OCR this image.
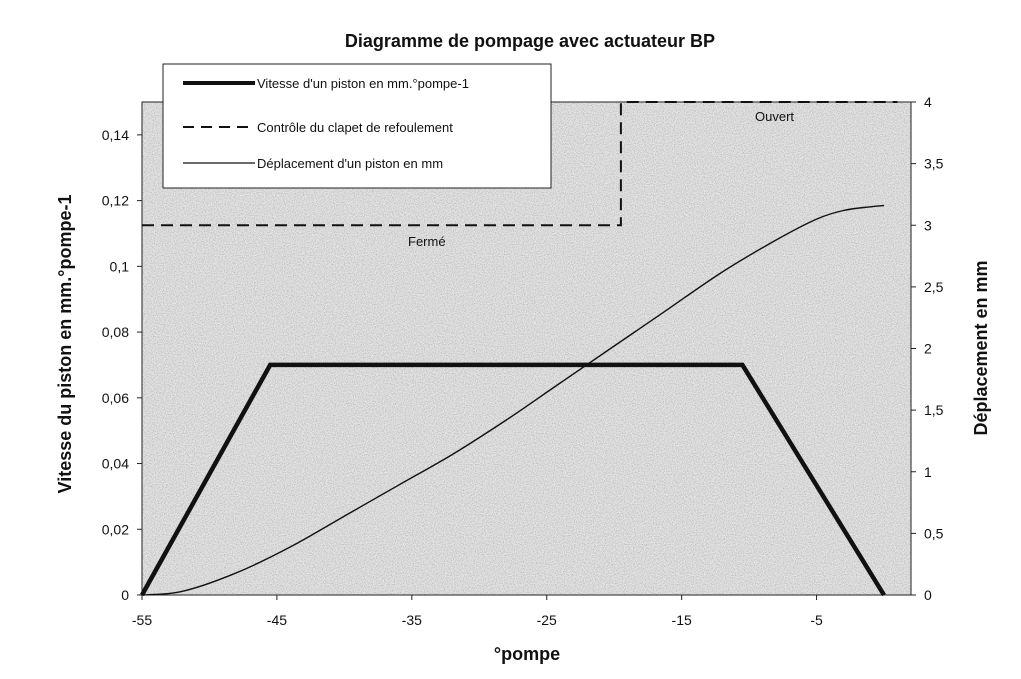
Diagramme de pompage avec actuateur BP
-55	-45	-35	-25	-15	-5
0
0,02
0,04
0,06
0,08
0,1
0,12
0,14
0
0,5
1
1,5
2
2,5
3
3,5
4
Ouvert
Fermé
Vitesse d'un piston en mm.°pompe-1
Contrôle du clapet de refoulement
Déplacement d'un piston en mm
°pompe
Vitesse du piston en mm.°pompe-1	Déplacement en mm
